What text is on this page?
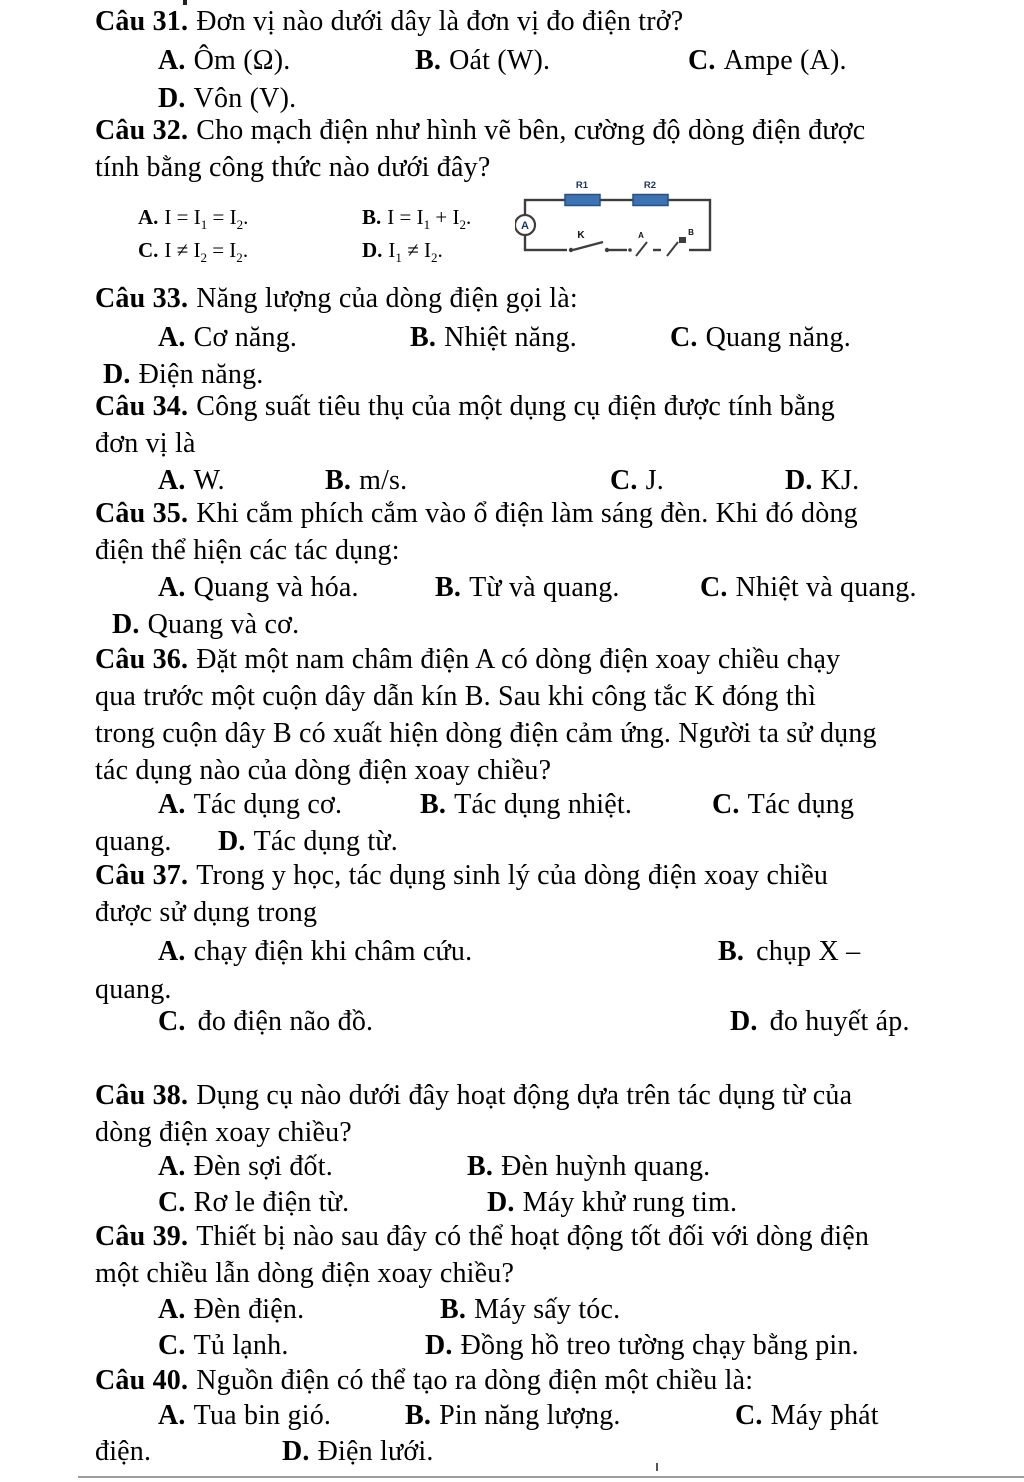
Câu 31. Đơn vị nào dưới dây là đơn vị đo điện trở?
A. Ôm (Ω).	B. Oát (W).	C. Ampe (A).
D. Vôn (V).
Câu 32. Cho mạch điện như hình vẽ bên, cường độ dòng điện được
tính bằng công thức nào dưới đây?
A. $I = I_1 = I_2$.	B. $I = I_1 + I_2$.
C. $I \ne I_2 = I_2$.	D. $I_1 \ne I_2$.
R1	R2
A
K	A	B
Câu 33. Năng lượng của dòng điện gọi là:
A. Cơ năng.	B. Nhiệt năng.	C. Quang năng.
D. Điện năng.
Câu 34. Công suất tiêu thụ của một dụng cụ điện được tính bằng
đơn vị là
A. W.	B. m/s.	C. J.	D. KJ.
Câu 35. Khi cắm phích cắm vào ổ điện làm sáng đèn. Khi đó dòng
điện thể hiện các tác dụng:
A. Quang và hóa.	B. Từ và quang.	C. Nhiệt và quang.
D. Quang và cơ.
Câu 36. Đặt một nam châm điện A có dòng điện xoay chiều chạy
qua trước một cuộn dây dẫn kín B. Sau khi công tắc K đóng thì
trong cuộn dây B có xuất hiện dòng điện cảm ứng. Người ta sử dụng
tác dụng nào của dòng điện xoay chiều?
A. Tác dụng cơ.	B. Tác dụng nhiệt.	C. Tác dụng
quang. D. Tác dụng từ.
Câu 37. Trong y học, tác dụng sinh lý của dòng điện xoay chiều
được sử dụng trong
A. chạy điện khi châm cứu.	B. chụp X –
quang.
C. đo điện não đồ.	D. đo huyết áp.
Câu 38. Dụng cụ nào dưới đây hoạt động dựa trên tác dụng từ của
dòng điện xoay chiều?
A. Đèn sợi đốt.	B. Đèn huỳnh quang.
C. Rơ le điện từ.	D. Máy khử rung tim.
Câu 39. Thiết bị nào sau đây có thể hoạt động tốt đối với dòng điện
một chiều lẫn dòng điện xoay chiều?
A. Đèn điện.	B. Máy sấy tóc.
C. Tủ lạnh.	D. Đồng hồ treo tường chạy bằng pin.
Câu 40. Nguồn điện có thể tạo ra dòng điện một chiều là:
A. Tua bin gió.	B. Pin năng lượng.	C. Máy phát
điện.	D. Điện lưới.
